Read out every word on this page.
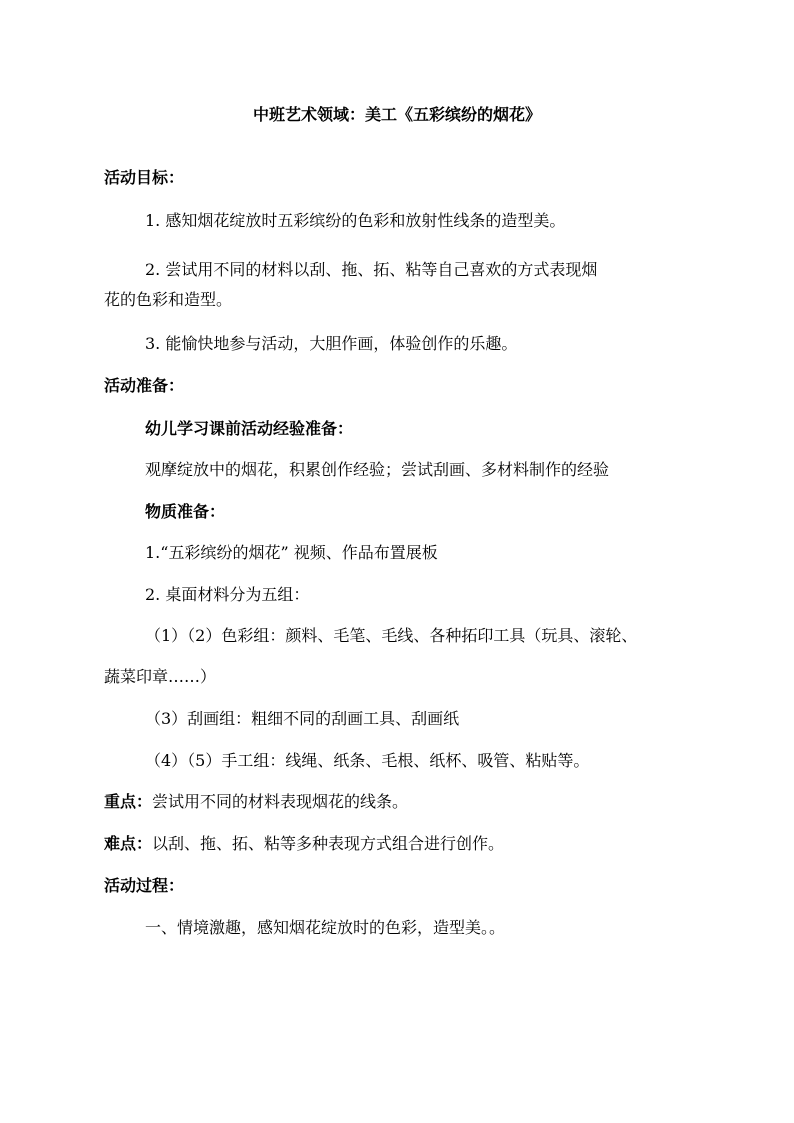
中班艺术领域：美工《五彩缤纷的烟花》
活动目标：
1. 感知烟花绽放时五彩缤纷的色彩和放射性线条的造型美。
2. 尝试用不同的材料以刮、拖、拓、粘等自己喜欢的方式表现烟
花的色彩和造型。
3. 能愉快地参与活动，大胆作画，体验创作的乐趣。
活动准备：
幼儿学习课前活动经验准备：
观摩绽放中的烟花，积累创作经验；尝试刮画、多材料制作的经验
物质准备：
1.“五彩缤纷的烟花” 视频、作品布置展板
2. 桌面材料分为五组：
（1）（2）色彩组：颜料、毛笔、毛线、各种拓印工具（玩具、滚轮、
蔬菜印章……）
（3）刮画组：粗细不同的刮画工具、刮画纸
（4）（5）手工组：线绳、纸条、毛根、纸杯、吸管、粘贴等。
重点：尝试用不同的材料表现烟花的线条。
难点：以刮、拖、拓、粘等多种表现方式组合进行创作。
活动过程：
一、情境激趣，感知烟花绽放时的色彩，造型美。。
